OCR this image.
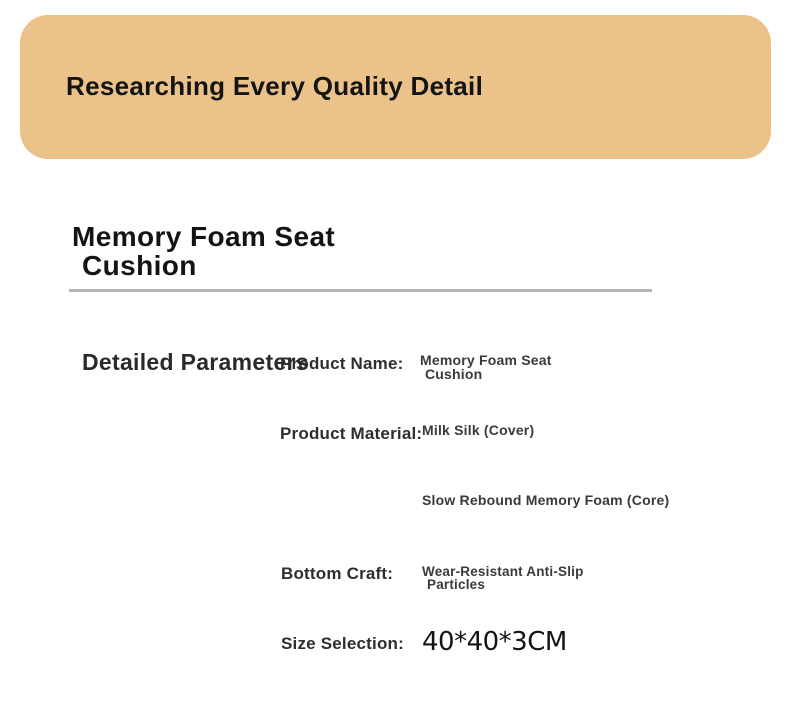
Researching Every Quality Detail
Memory Foam Seat
Cushion
Detailed Parameters
Product Name: Memory Foam Seat
Cushion
Product Material: Milk Silk (Cover)
Slow Rebound Memory Foam (Core)
Bottom Craft: Wear-Resistant Anti-Slip
Particles
Size Selection: 40*40*3CM
